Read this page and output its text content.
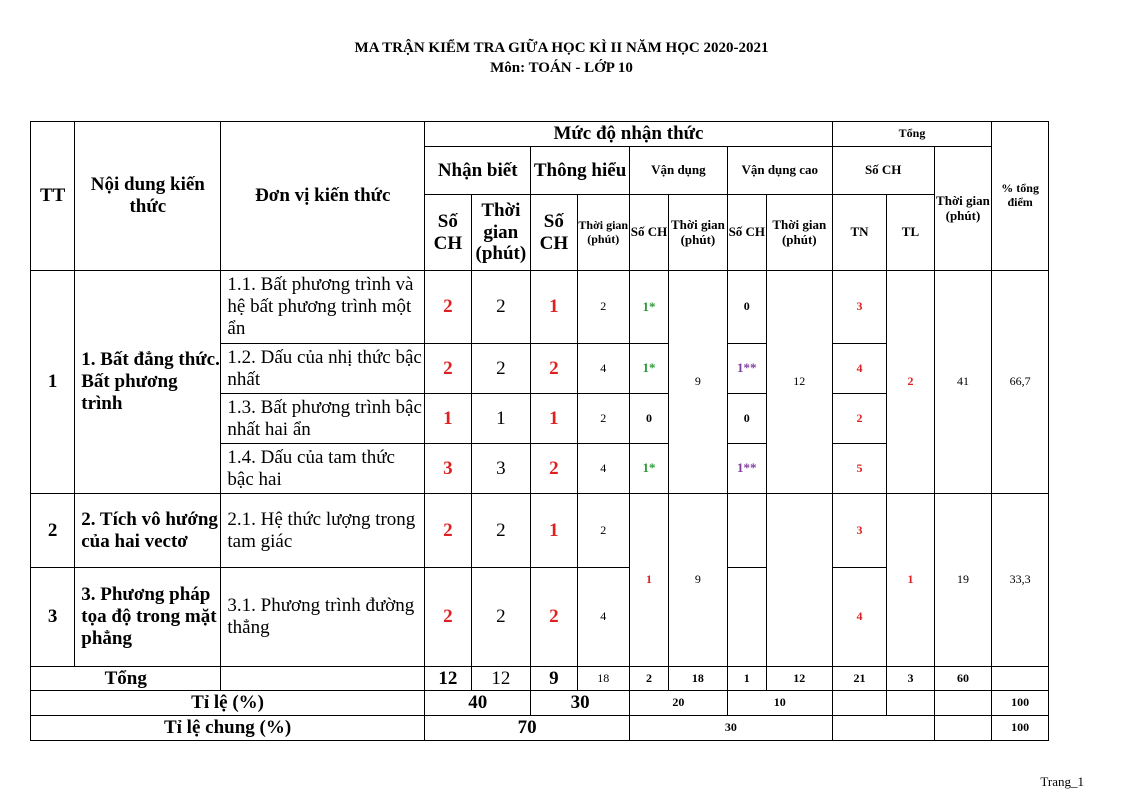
MA TRẬN KIỂM TRA GIỮA HỌC KÌ II NĂM HỌC 2020-2021
Môn: TOÁN - LỚP 10
TT	Nội dung kiến thức	Đơn vị kiến thức	Mức độ nhận thức								Tổng			% tổng điểm
			Nhận biết		Thông hiểu		Vận dụng		Vận dụng cao		Số CH		Thời gian (phút)	
			Số CH	Thời gian (phút)	Số CH	Thời gian (phút)	Số CH	Thời gian (phút)	Số CH	Thời gian (phút)	TN	TL		
1	1. Bất đẳng thức. Bất phương trình	1.1. Bất phương trình và hệ bất phương trình một ẩn	2	2	1	2	1*	9	0	12	3	2	41	66,7
		1.2. Dấu của nhị thức bậc nhất	2	2	2	4	1*		1**		4			
		1.3. Bất phương trình bậc nhất hai ẩn	1	1	1	2	0		0		2			
		1.4. Dấu của tam thức bậc hai	3	3	2	4	1*		1**		5			
2	2. Tích vô hướng của hai vectơ	2.1. Hệ thức lượng trong tam giác	2	2	1	2	1	9			3	1	19	33,3
3	3. Phương pháp tọa độ trong mặt phẳng	3.1. Phương trình đường thẳng	2	2	2	4					4			
Tổng			12	12	9	18	2	18	1	12	21	3	60	
Tỉ lệ (%)			40		30		20		10					100
Tỉ lệ chung (%)			70				30							100
Trang_1
